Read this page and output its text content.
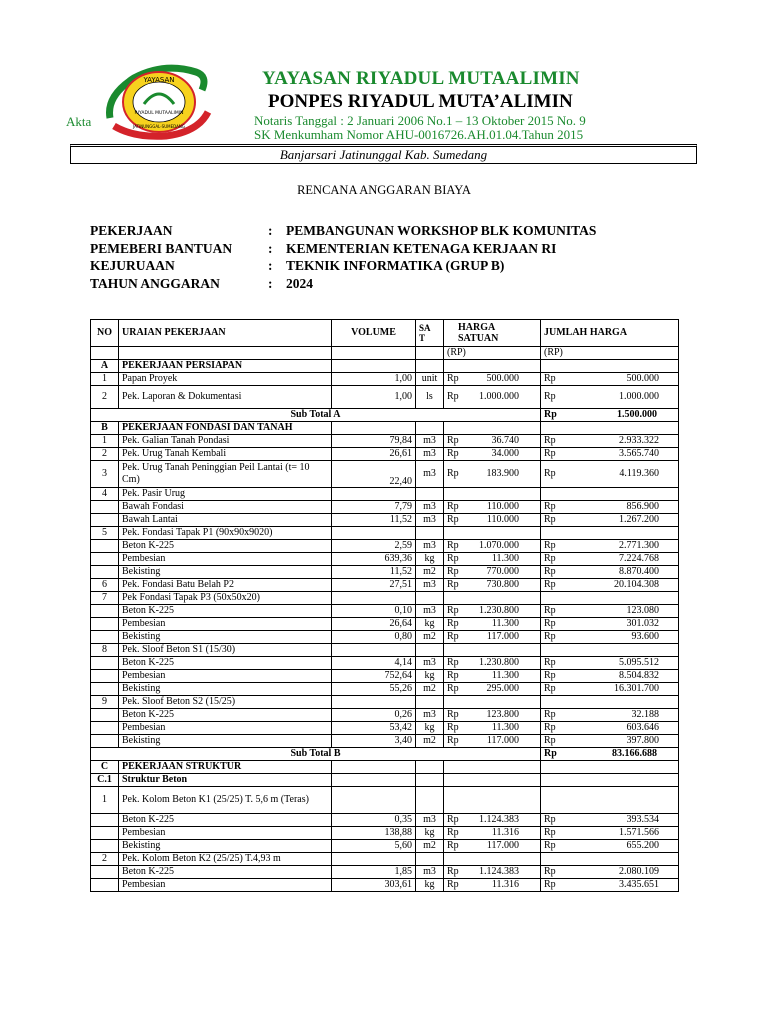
YAYASAN
RIYADUL MUTAALIMIN
JATINUNGGAL-SUMEDANG
YAYASAN RIYADUL MUTAALIMIN
PONPES RIYADUL MUTA’ALIMIN
Akta	Notaris Tanggal : 2 Januari 2006 No.1 – 13 Oktober 2015 No. 9
SK Menkumham Nomor AHU-0016726.AH.01.04.Tahun 2015
Banjarsari Jatinunggal Kab. Sumedang
RENCANA ANGGARAN BIAYA
PEKERJAAN	:	PEMBANGUNAN WORKSHOP BLK KOMUNITAS
PEMEBERI BANTUAN	:	KEMENTERIAN KETENAGA KERJAAN RI
KEJURUAAN	:	TEKNIK INFORMATIKA (GRUP B)
TAHUN ANGGARAN	:	2024
NO	URAIAN PEKERJAAN	VOLUME	SA T	HARGA SATUAN	JUMLAH HARGA
				(RP)	(RP)
A	PEKERJAAN PERSIAPAN				
1	Papan Proyek	1,00	unit	Rp 500.000	Rp 500.000

2	Pek. Laporan & Dokumentasi	1,00	ls	Rp 1.000.000	Rp 1.000.000

Sub Total A					Rp 1.500.000

B	PEKERJAAN FONDASI DAN TANAH				
1	Pek. Galian Tanah Pondasi	79,84	m3	Rp 36.740	Rp 2.933.322

2	Pek. Urug Tanah Kembali	26,61	m3	Rp 34.000	Rp 3.565.740

3	Pek. Urug Tanah Peninggian Peil Lantai (t= 10 Cm)	22,40	m3	Rp 183.900	Rp 4.119.360

4	Pek. Pasir Urug			

	Bawah Fondasi	7,79	m3	Rp 110.000	Rp 856.900

	Bawah Lantai	11,52	m3	Rp 110.000	Rp 1.267.200

5	Pek. Fondasi Tapak P1 (90x90x9020)			

	Beton K-225	2,59	m3	Rp 1.070.000	Rp 2.771.300

	Pembesian	639,36	kg	Rp 11.300	Rp 7.224.768

	Bekisting	11,52	m2	Rp 770.000	Rp 8.870.400

6	Pek. Fondasi Batu Belah P2	27,51	m3	Rp 730.800	Rp 20.104.308

7	Pek Fondasi Tapak P3 (50x50x20)			

	Beton K-225	0,10	m3	Rp 1.230.800	Rp 123.080

	Pembesian	26,64	kg	Rp 11.300	Rp 301.032

	Bekisting	0,80	m2	Rp 117.000	Rp 93.600

8	Pek. Sloof Beton S1 (15/30)			

	Beton K-225	4,14	m3	Rp 1.230.800	Rp 5.095.512

	Pembesian	752,64	kg	Rp 11.300	Rp 8.504.832

	Bekisting	55,26	m2	Rp 295.000	Rp 16.301.700

9	Pek. Sloof Beton S2 (15/25)			

	Beton K-225	0,26	m3	Rp 123.800	Rp 32.188

	Pembesian	53,42	kg	Rp 11.300	Rp 603.646

	Bekisting	3,40	m2	Rp 117.000	Rp 397.800

Sub Total B					Rp 83.166.688

C	PEKERJAAN STRUKTUR				
C.1	Struktur Beton				
1	Pek. Kolom Beton K1 (25/25) T. 5,6 m (Teras)			

	Beton K-225	0,35	m3	Rp 1.124.383	Rp 393.534

	Pembesian	138,88	kg	Rp 11.316	Rp 1.571.566

	Bekisting	5,60	m2	Rp 117.000	Rp 655.200

2	Pek. Kolom Beton K2 (25/25) T.4,93 m			

	Beton K-225	1,85	m3	Rp 1.124.383	Rp 2.080.109

	Pembesian	303,61	kg	Rp 11.316	Rp 3.435.651
